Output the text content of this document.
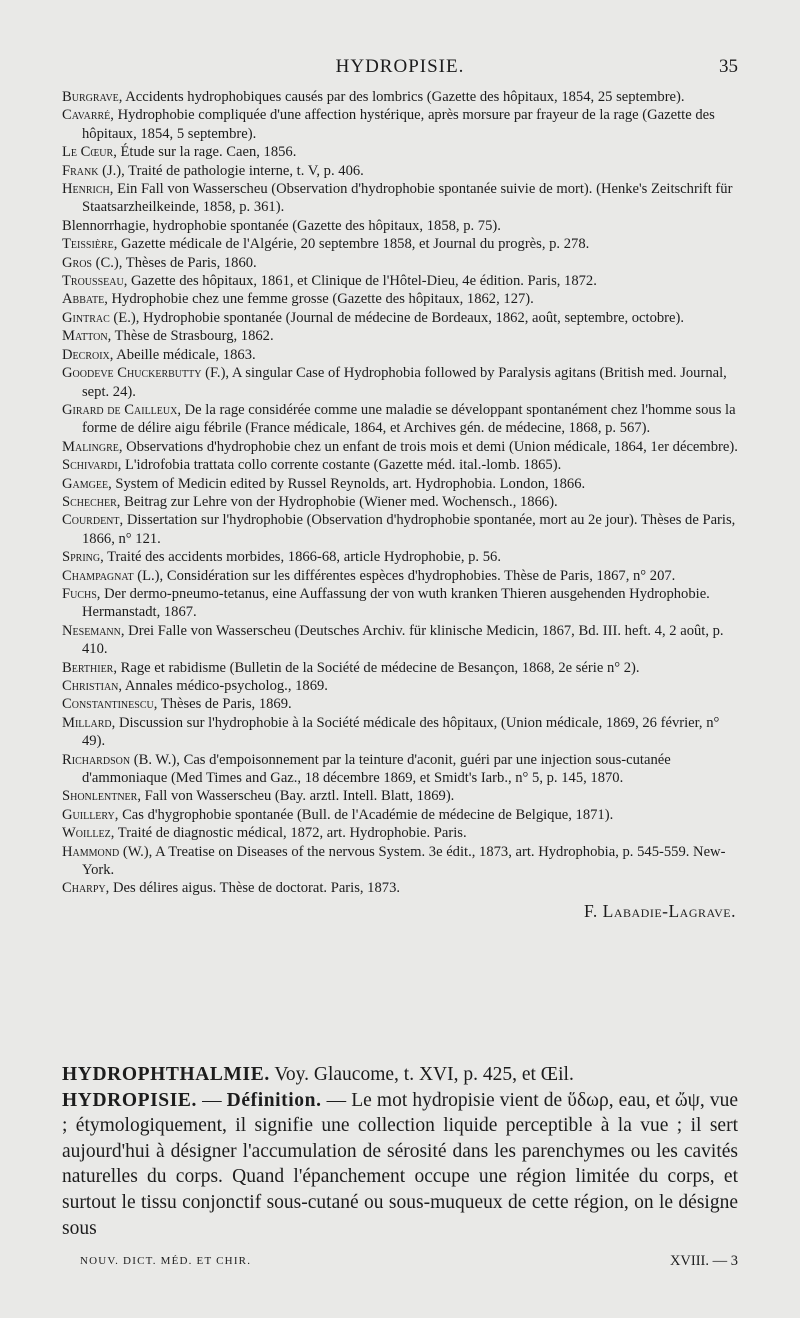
HYDROPISIE.	35
Burgrave, Accidents hydrophobiques causés par des lombrics (Gazette des hôpitaux, 1854, 25 septembre).
Cavarré, Hydrophobie compliquée d'une affection hystérique, après morsure par frayeur de la rage (Gazette des hôpitaux, 1854, 5 septembre).
Le Cœur, Étude sur la rage. Caen, 1856.
Frank (J.), Traité de pathologie interne, t. V, p. 406.
Henrich, Ein Fall von Wasserscheu (Observation d'hydrophobie spontanée suivie de mort). (Henke's Zeitschrift für Staatsarzheilkeinde, 1858, p. 361).
Blennorrhagie, hydrophobie spontanée (Gazette des hôpitaux, 1858, p. 75).
Teissière, Gazette médicale de l'Algérie, 20 septembre 1858, et Journal du progrès, p. 278.
Gros (C.), Thèses de Paris, 1860.
Trousseau, Gazette des hôpitaux, 1861, et Clinique de l'Hôtel-Dieu, 4e édition. Paris, 1872.
Abbate, Hydrophobie chez une femme grosse (Gazette des hôpitaux, 1862, 127).
Gintrac (E.), Hydrophobie spontanée (Journal de médecine de Bordeaux, 1862, août, septembre, octobre).
Matton, Thèse de Strasbourg, 1862.
Decroix, Abeille médicale, 1863.
Goodeve Chuckerbutty (F.), A singular Case of Hydrophobia followed by Paralysis agitans (British med. Journal, sept. 24).
Girard de Cailleux, De la rage considérée comme une maladie se développant spontanément chez l'homme sous la forme de délire aigu fébrile (France médicale, 1864, et Archives gén. de médecine, 1868, p. 567).
Malingre, Observations d'hydrophobie chez un enfant de trois mois et demi (Union médicale, 1864, 1er décembre).
Schivardi, L'idrofobia trattata collo corrente costante (Gazette méd. ital.-lomb. 1865).
Gamgee, System of Medicin edited by Russel Reynolds, art. Hydrophobia. London, 1866.
Schecher, Beitrag zur Lehre von der Hydrophobie (Wiener med. Wochensch., 1866).
Courdent, Dissertation sur l'hydrophobie (Observation d'hydrophobie spontanée, mort au 2e jour). Thèses de Paris, 1866, n° 121.
Spring, Traité des accidents morbides, 1866-68, article Hydrophobie, p. 56.
Champagnat (L.), Considération sur les différentes espèces d'hydrophobies. Thèse de Paris, 1867, n° 207.
Fuchs, Der dermo-pneumo-tetanus, eine Auffassung der von wuth kranken Thieren ausgehenden Hydrophobie. Hermanstadt, 1867.
Nesemann, Drei Falle von Wasserscheu (Deutsches Archiv. für klinische Medicin, 1867, Bd. III. heft. 4, 2 août, p. 410.
Berthier, Rage et rabidisme (Bulletin de la Société de médecine de Besançon, 1868, 2e série n° 2).
Christian, Annales médico-psycholog., 1869.
Constantinescu, Thèses de Paris, 1869.
Millard, Discussion sur l'hydrophobie à la Société médicale des hôpitaux, (Union médicale, 1869, 26 février, n° 49).
Richardson (B. W.), Cas d'empoisonnement par la teinture d'aconit, guéri par une injection sous-cutanée d'ammoniaque (Med Times and Gaz., 18 décembre 1869, et Smidt's Iarb., n° 5, p. 145, 1870.
Shonlentner, Fall von Wasserscheu (Bay. arztl. Intell. Blatt, 1869).
Guillery, Cas d'hygrophobie spontanée (Bull. de l'Académie de médecine de Belgique, 1871).
Woillez, Traité de diagnostic médical, 1872, art. Hydrophobie. Paris.
Hammond (W.), A Treatise on Diseases of the nervous System. 3e édit., 1873, art. Hydrophobia, p. 545-559. New-York.
Charpy, Des délires aigus. Thèse de doctorat. Paris, 1873.
F. Labadie-Lagrave.
HYDROPHTHALMIE. Voy. Glaucome, t. XVI, p. 425, et Œil.
HYDROPISIE. — Définition. — Le mot hydropisie vient de ὕδωρ, eau, et ὤψ, vue ; étymologiquement, il signifie une collection liquide perceptible à la vue ; il sert aujourd'hui à désigner l'accumulation de sérosité dans les parenchymes ou les cavités naturelles du corps. Quand l'épanchement occupe une région limitée du corps, et surtout le tissu conjonctif sous-cutané ou sous-muqueux de cette région, on le désigne sous
NOUV. DICT. MÉD. ET CHIR.	XVIII. — 3
